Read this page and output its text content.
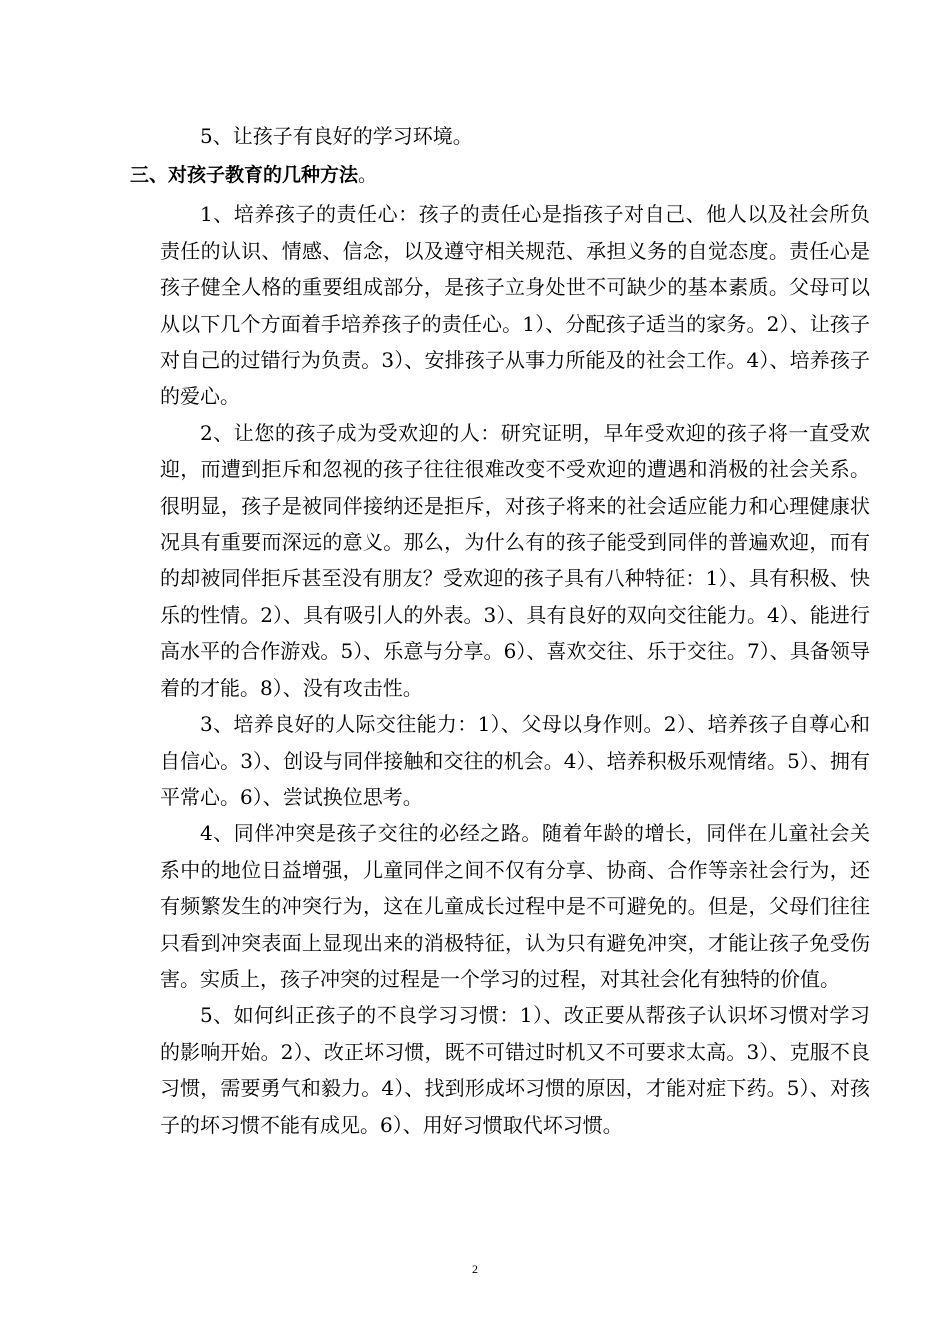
5、让孩子有良好的学习环境。

三、对孩子教育的几种方法。

1、培养孩子的责任心：孩子的责任心是指孩子对自己、他人以及社会所负责任的认识、情感、信念，以及遵守相关规范、承担义务的自觉态度。责任心是孩子健全人格的重要组成部分，是孩子立身处世不可缺少的基本素质。父母可以从以下几个方面着手培养孩子的责任心。1）、分配孩子适当的家务。2）、让孩子对自己的过错行为负责。3）、安排孩子从事力所能及的社会工作。4）、培养孩子的爱心。

2、让您的孩子成为受欢迎的人：研究证明，早年受欢迎的孩子将一直受欢迎，而遭到拒斥和忽视的孩子往往很难改变不受欢迎的遭遇和消极的社会关系。很明显，孩子是被同伴接纳还是拒斥，对孩子将来的社会适应能力和心理健康状况具有重要而深远的意义。那么，为什么有的孩子能受到同伴的普遍欢迎，而有的却被同伴拒斥甚至没有朋友？受欢迎的孩子具有八种特征：1）、具有积极、快乐的性情。2）、具有吸引人的外表。3）、具有良好的双向交往能力。4）、能进行高水平的合作游戏。5）、乐意与分享。6）、喜欢交往、乐于交往。7）、具备领导着的才能。8）、没有攻击性。

3、培养良好的人际交往能力：1）、父母以身作则。2）、培养孩子自尊心和自信心。3）、创设与同伴接触和交往的机会。4）、培养积极乐观情绪。5）、拥有平常心。6）、尝试换位思考。

4、同伴冲突是孩子交往的必经之路。随着年龄的增长，同伴在儿童社会关系中的地位日益增强，儿童同伴之间不仅有分享、协商、合作等亲社会行为，还有频繁发生的冲突行为，这在儿童成长过程中是不可避免的。但是，父母们往往只看到冲突表面上显现出来的消极特征，认为只有避免冲突，才能让孩子免受伤害。实质上，孩子冲突的过程是一个学习的过程，对其社会化有独特的价值。

5、如何纠正孩子的不良学习习惯：1）、改正要从帮孩子认识坏习惯对学习的影响开始。2）、改正坏习惯，既不可错过时机又不可要求太高。3）、克服不良习惯，需要勇气和毅力。4）、找到形成坏习惯的原因，才能对症下药。5）、对孩子的坏习惯不能有成见。6）、用好习惯取代坏习惯。

2
